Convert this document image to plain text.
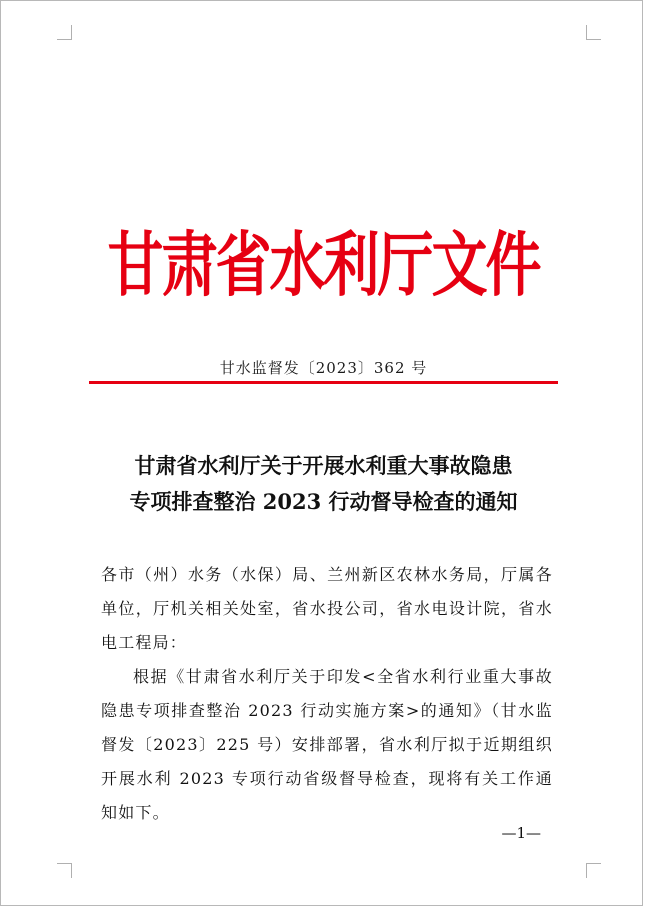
甘肃省水利厅文件
甘水监督发〔2023〕362 号
甘肃省水利厅关于开展水利重大事故隐患
专项排查整治 2023 行动督导检查的通知

各市（州）水务（水保）局、兰州新区农林水务局，厅属各单位，厅机关相关处室，省水投公司，省水电设计院，省水电工程局：

根据《甘肃省水利厅关于印发<全省水利行业重大事故隐患专项排查整治 2023 行动实施方案>的通知》（甘水监督发〔2023〕225 号）安排部署，省水利厅拟于近期组织开展水利 2023 专项行动省级督导检查，现将有关工作通知如下。

—1—
